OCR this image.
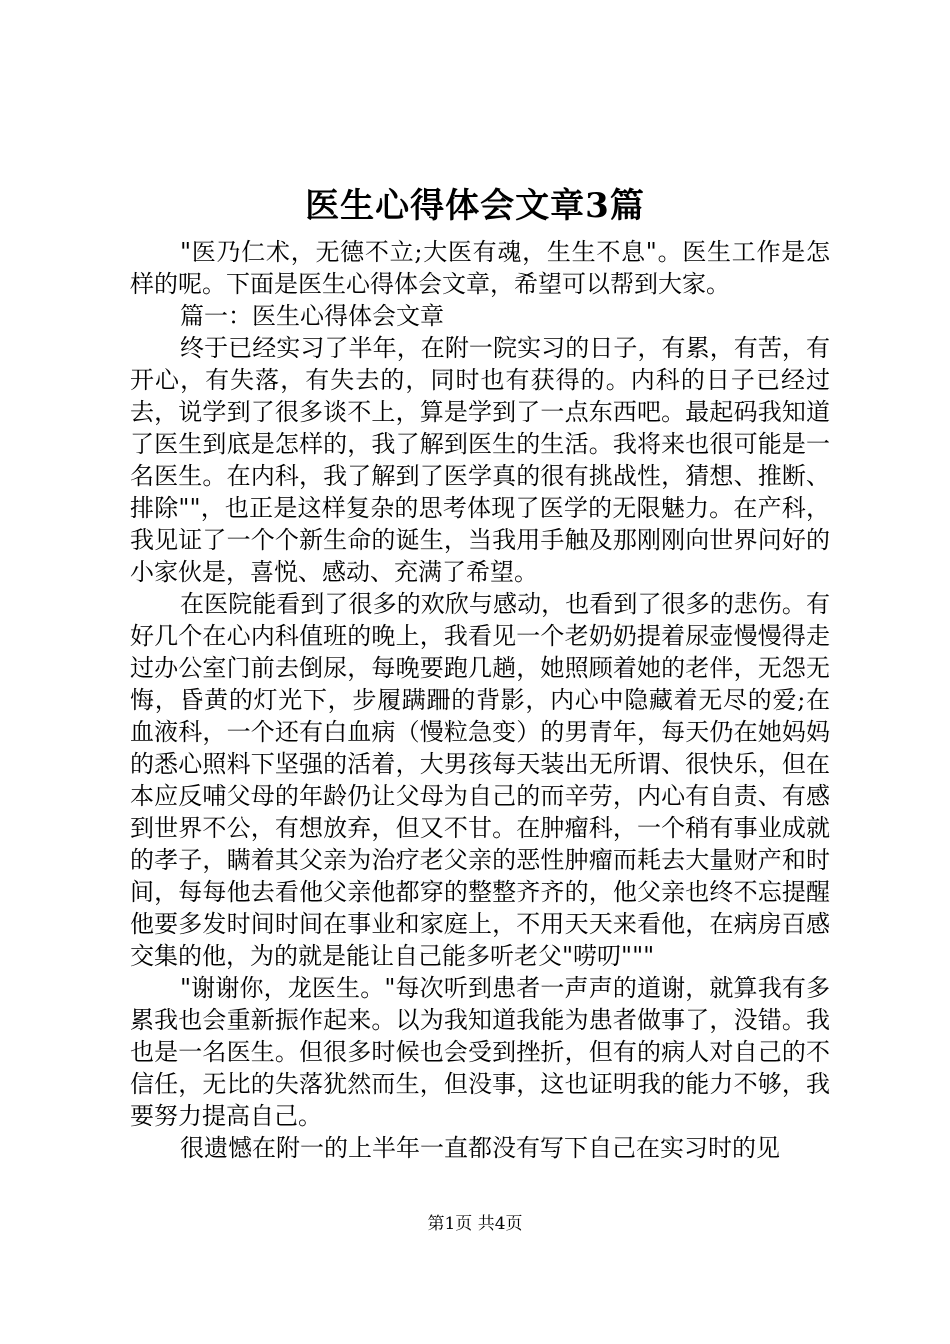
医生心得体会文章3篇

"医乃仁术，无德不立;大医有魂，生生不息"。医生工作是怎样的呢。下面是医生心得体会文章，希望可以帮到大家。

篇一：医生心得体会文章

终于已经实习了半年，在附一院实习的日子，有累，有苦，有开心，有失落，有失去的，同时也有获得的。内科的日子已经过去，说学到了很多谈不上，算是学到了一点东西吧。最起码我知道了医生到底是怎样的，我了解到医生的生活。我将来也很可能是一名医生。在内科，我了解到了医学真的很有挑战性，猜想、推断、排除""，也正是这样复杂的思考体现了医学的无限魅力。在产科，我见证了一个个新生命的诞生，当我用手触及那刚刚向世界问好的小家伙是，喜悦、感动、充满了希望。

在医院能看到了很多的欢欣与感动，也看到了很多的悲伤。有好几个在心内科值班的晚上，我看见一个老奶奶提着尿壶慢慢得走过办公室门前去倒尿，每晚要跑几趟，她照顾着她的老伴，无怨无悔，昏黄的灯光下，步履蹒跚的背影，内心中隐藏着无尽的爱;在血液科，一个还有白血病（慢粒急变）的男青年，每天仍在她妈妈的悉心照料下坚强的活着，大男孩每天装出无所谓、很快乐，但在本应反哺父母的年龄仍让父母为自己的而辛劳，内心有自责、有感到世界不公，有想放弃，但又不甘。在肿瘤科，一个稍有事业成就的孝子，瞒着其父亲为治疗老父亲的恶性肿瘤而耗去大量财产和时间，每每他去看他父亲他都穿的整整齐齐的，他父亲也终不忘提醒他要多发时间时间在事业和家庭上，不用天天来看他，在病房百感交集的他，为的就是能让自己能多听老父"唠叨"""

"谢谢你，龙医生。"每次听到患者一声声的道谢，就算我有多累我也会重新振作起来。以为我知道我能为患者做事了，没错。我也是一名医生。但很多时候也会受到挫折，但有的病人对自己的不信任，无比的失落犹然而生，但没事，这也证明我的能力不够，我要努力提高自己。

很遗憾在附一的上半年一直都没有写下自己在实习时的见

第1页 共4页
